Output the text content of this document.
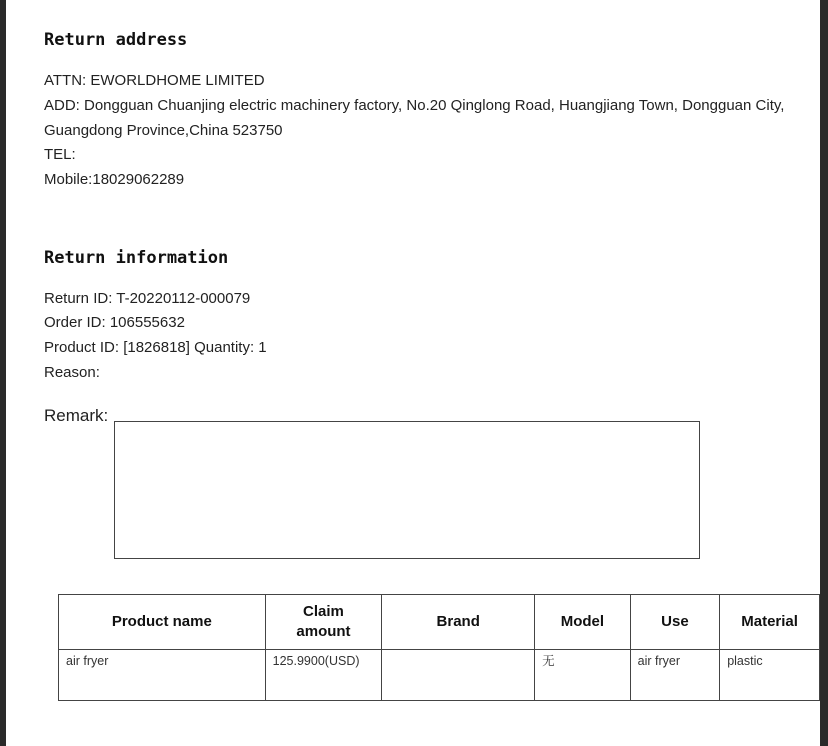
Return address
ATTN: EWORLDHOME LIMITED
ADD: Dongguan Chuanjing electric machinery factory, No.20 Qinglong Road, Huangjiang Town, Dongguan City, Guangdong Province,China 523750
TEL:
Mobile:18029062289
Return information
Return ID: T-20220112-000079
Order ID: 106555632
Product ID: [1826818] Quantity: 1
Reason:
Remark:
Product name	Claim amount	Brand	Model	Use	Material
air fryer	125.9900(USD)		无	air fryer	plastic
